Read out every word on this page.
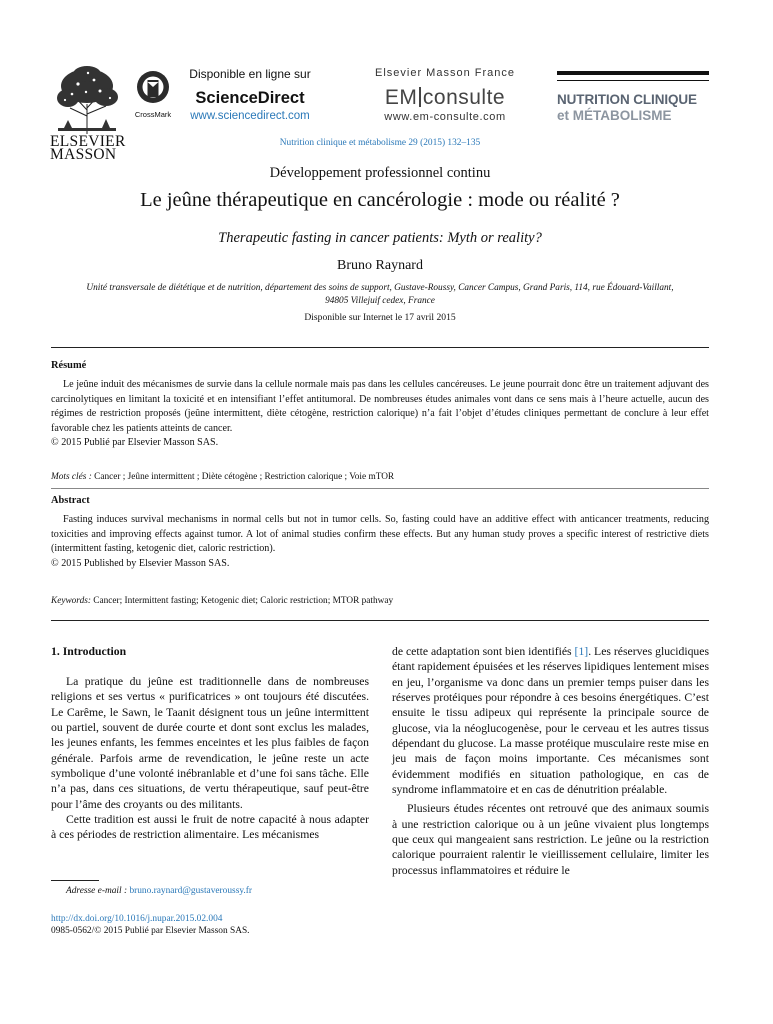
ELSEVIER
MASSON
CrossMark
Disponible en ligne sur
ScienceDirect
www.sciencedirect.com
Elsevier Masson France
EM consulte
www.em-consulte.com
NUTRITION CLINIQUE
et MÉTABOLISME
Nutrition clinique et métabolisme 29 (2015) 132–135
Développement professionnel continu
Le jeûne thérapeutique en cancérologie : mode ou réalité ?
Therapeutic fasting in cancer patients: Myth or reality?
Bruno Raynard
Unité transversale de diététique et de nutrition, département des soins de support, Gustave-Roussy, Cancer Campus, Grand Paris, 114, rue Édouard-Vaillant,
94805 Villejuif cedex, France
Disponible sur Internet le 17 avril 2015
Résumé
Le jeûne induit des mécanismes de survie dans la cellule normale mais pas dans les cellules cancéreuses. Le jeune pourrait donc être un traitement adjuvant des carcinolytiques en limitant la toxicité et en intensifiant l’effet antitumoral. De nombreuses études animales vont dans ce sens mais à l’heure actuelle, aucun des régimes de restriction proposés (jeûne intermittent, diète cétogène, restriction calorique) n’a fait l’objet d’études cliniques permettant de conclure à leur effet favorable chez les patients atteints de cancer.
© 2015 Publié par Elsevier Masson SAS.
Mots clés : Cancer ; Jeûne intermittent ; Diète cétogène ; Restriction calorique ; Voie mTOR
Abstract
Fasting induces survival mechanisms in normal cells but not in tumor cells. So, fasting could have an additive effect with anticancer treatments, reducing toxicities and improving effects against tumor. A lot of animal studies confirm these effects. But any human study proves a specific interest of restrictive diets (intermittent fasting, ketogenic diet, caloric restriction).
© 2015 Published by Elsevier Masson SAS.
Keywords: Cancer; Intermittent fasting; Ketogenic diet; Caloric restriction; MTOR pathway
1. Introduction

La pratique du jeûne est traditionnelle dans de nombreuses religions et ses vertus « purificatrices » ont toujours été discutées. Le Carême, le Sawn, le Taanit désignent tous un jeûne intermittent ou partiel, souvent de durée courte et dont sont exclus les malades, les jeunes enfants, les femmes enceintes et les plus faibles de façon générale. Parfois arme de revendication, le jeûne reste un acte symbolique d’une volonté inébranlable et d’une foi sans tâche. Elle n’a pas, dans ces situations, de vertu thérapeutique, sauf peut-être pour l’âme des croyants ou des militants.

Cette tradition est aussi le fruit de notre capacité à nous adapter à ces périodes de restriction alimentaire. Les mécanismes

de cette adaptation sont bien identifiés [1]. Les réserves glucidiques étant rapidement épuisées et les réserves lipidiques lentement mises en jeu, l’organisme va donc dans un premier temps puiser dans les réserves protéiques pour répondre à ces besoins énergétiques. C’est ensuite le tissu adipeux qui représente la principale source de glucose, via la néoglucogenèse, pour le cerveau et les autres tissus dépendant du glucose. La masse protéique musculaire reste mise en jeu mais de façon moins importante. Ces mécanismes sont évidemment modifiés en situation pathologique, en cas de syndrome inflammatoire et en cas de dénutrition préalable.

Plusieurs études récentes ont retrouvé que des animaux soumis à une restriction calorique ou à un jeûne vivaient plus longtemps que ceux qui mangeaient sans restriction. Le jeûne ou la restriction calorique pourraient ralentir le vieillissement cellulaire, limiter les processus inflammatoires et réduire le

Adresse e-mail : bruno.raynard@gustaveroussy.fr
http://dx.doi.org/10.1016/j.nupar.2015.02.004
0985-0562/© 2015 Publié par Elsevier Masson SAS.
